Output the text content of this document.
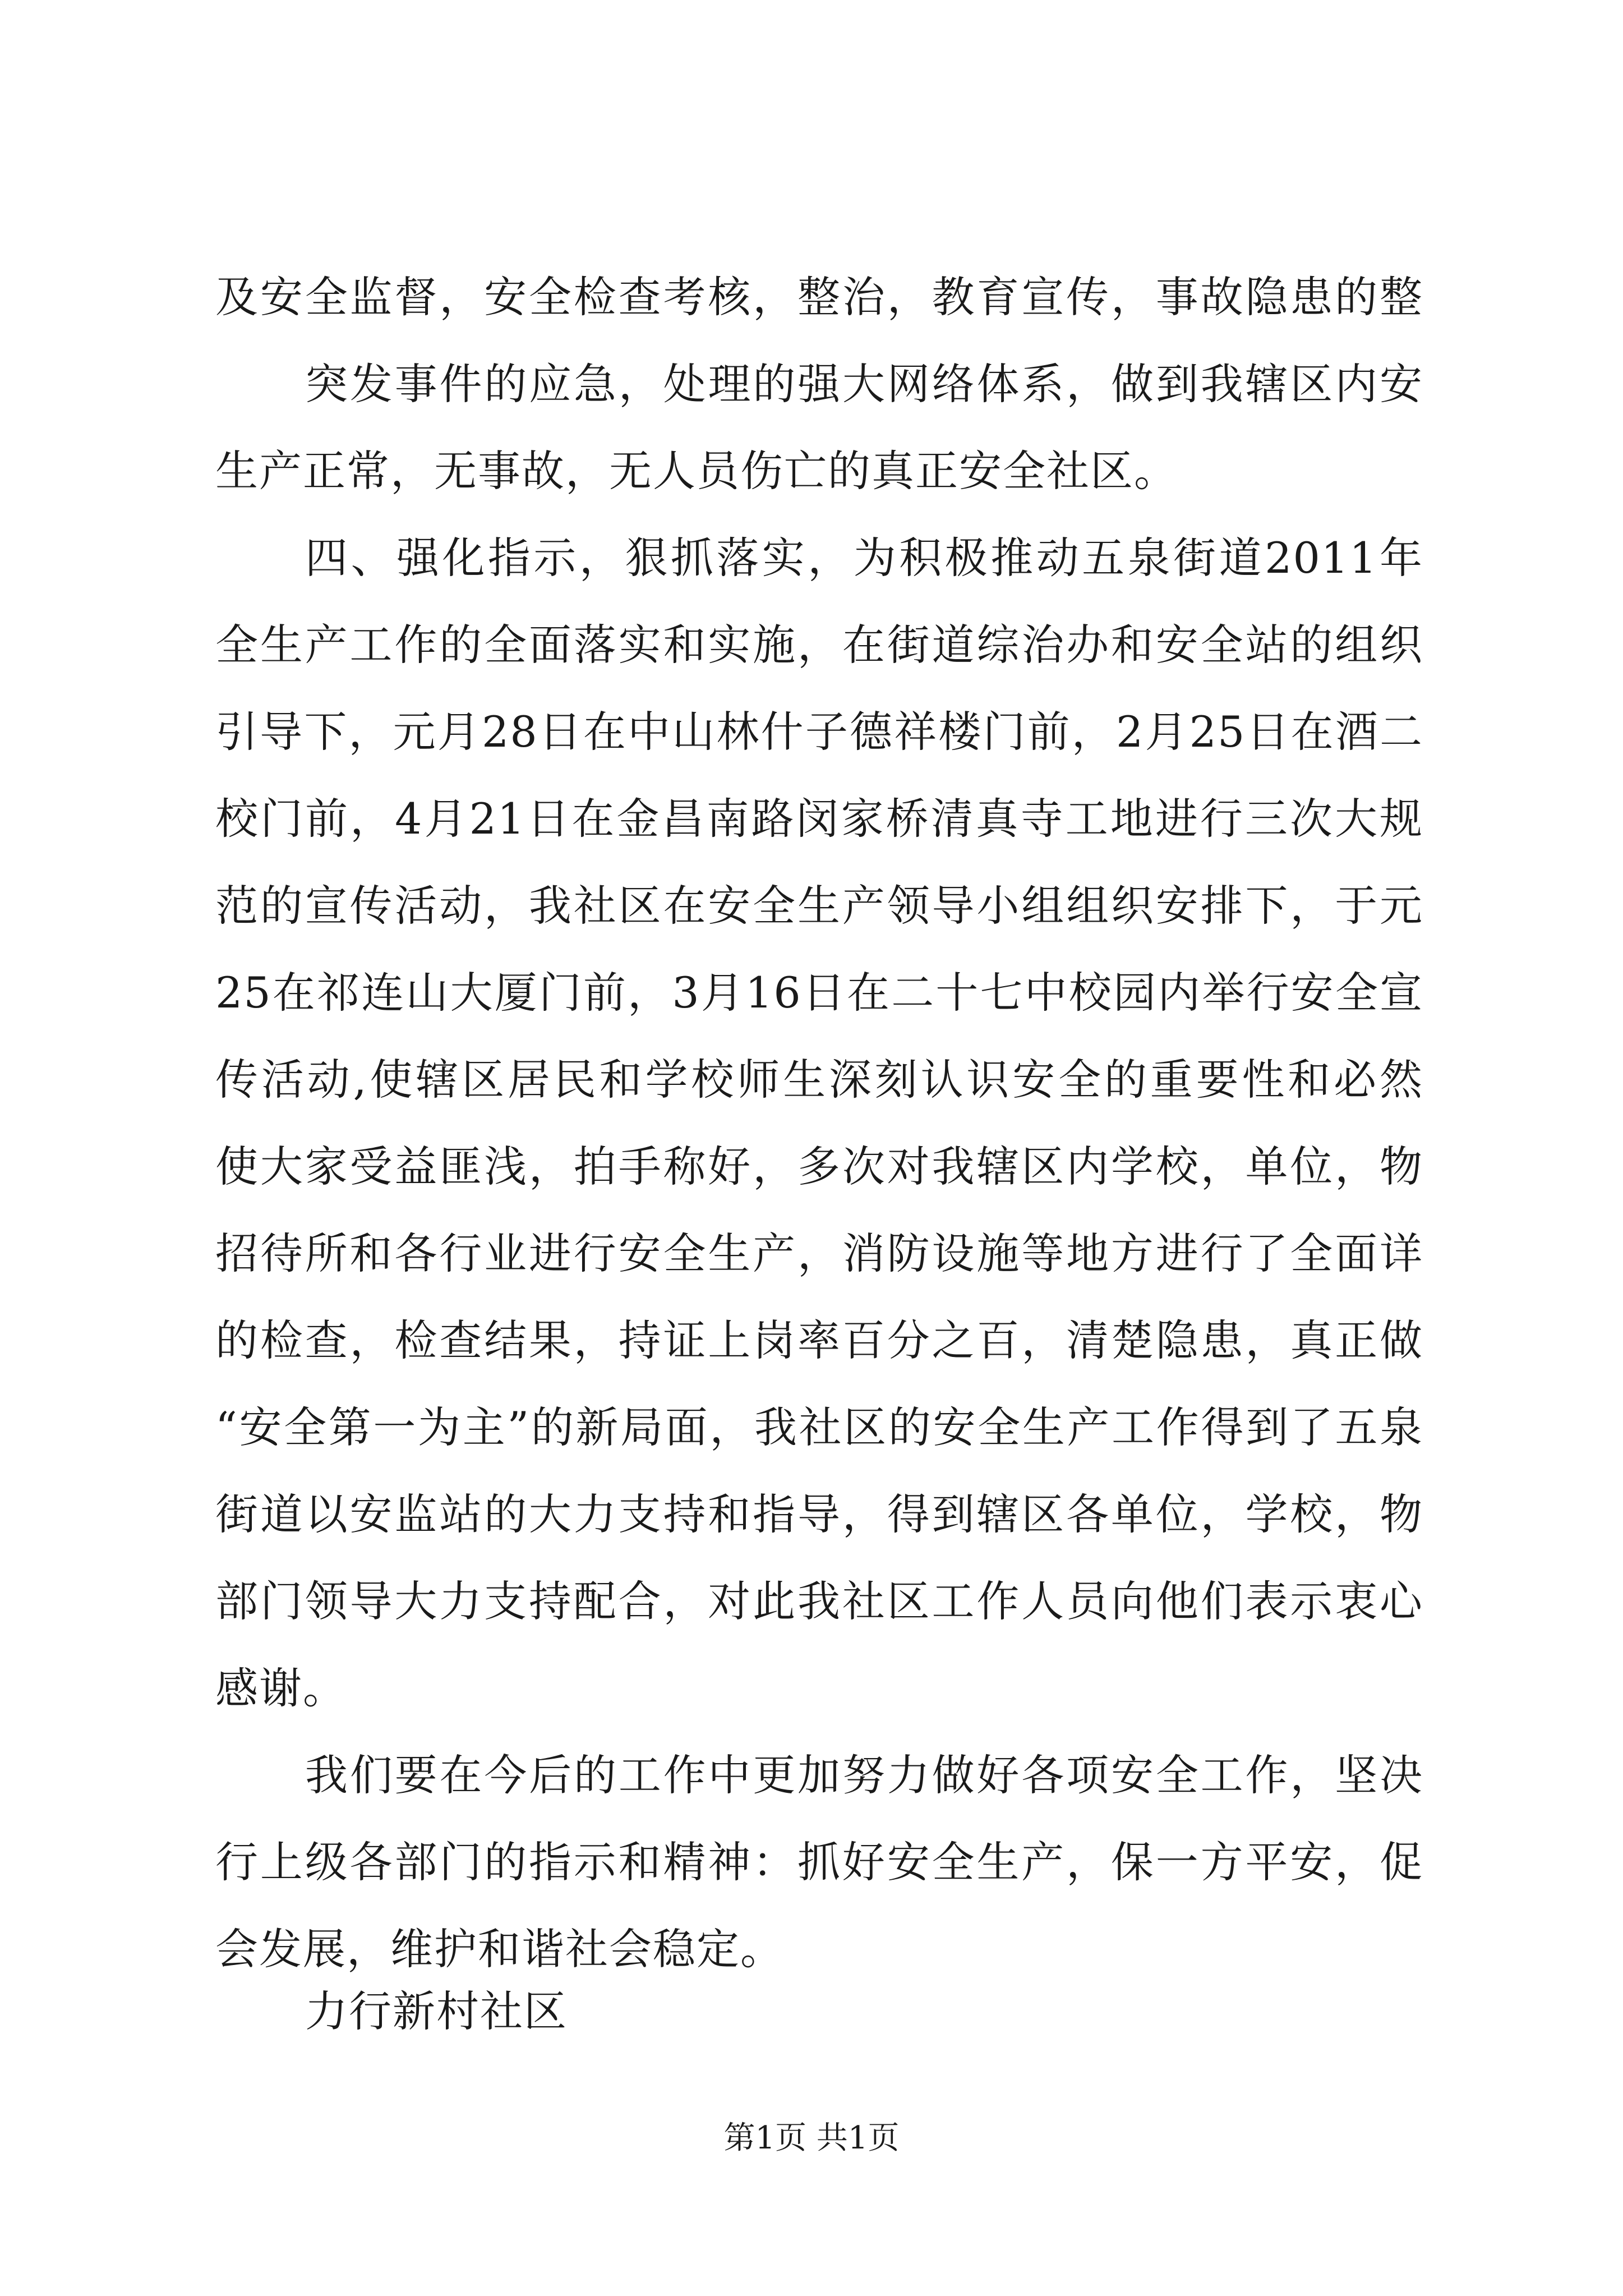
及安全监督，安全检查考核，整治，教育宣传，事故隐患的整
突发事件的应急，处理的强大网络体系，做到我辖区内安
生产正常，无事故，无人员伤亡的真正安全社区。
四、强化指示，狠抓落实，为积极推动五泉街道2011年
全生产工作的全面落实和实施，在街道综治办和安全站的组织
引导下，元月28日在中山林什子德祥楼门前，2月25日在酒二
校门前，4月21日在金昌南路闵家桥清真寺工地进行三次大规
范的宣传活动，我社区在安全生产领导小组组织安排下，于元
25在祁连山大厦门前，3月16日在二十七中校园内举行安全宣
传活动,使辖区居民和学校师生深刻认识安全的重要性和必然
使大家受益匪浅，拍手称好，多次对我辖区内学校，单位，物
招待所和各行业进行安全生产，消防设施等地方进行了全面详
的检查，检查结果，持证上岗率百分之百，清楚隐患，真正做
“安全第一为主”的新局面，我社区的安全生产工作得到了五泉
街道以安监站的大力支持和指导，得到辖区各单位，学校，物
部门领导大力支持配合，对此我社区工作人员向他们表示衷心
感谢。
我们要在今后的工作中更加努力做好各项安全工作，坚决
行上级各部门的指示和精神：抓好安全生产，保一方平安，促
会发展，维护和谐社会稳定。
力行新村社区
第1页 共1页
